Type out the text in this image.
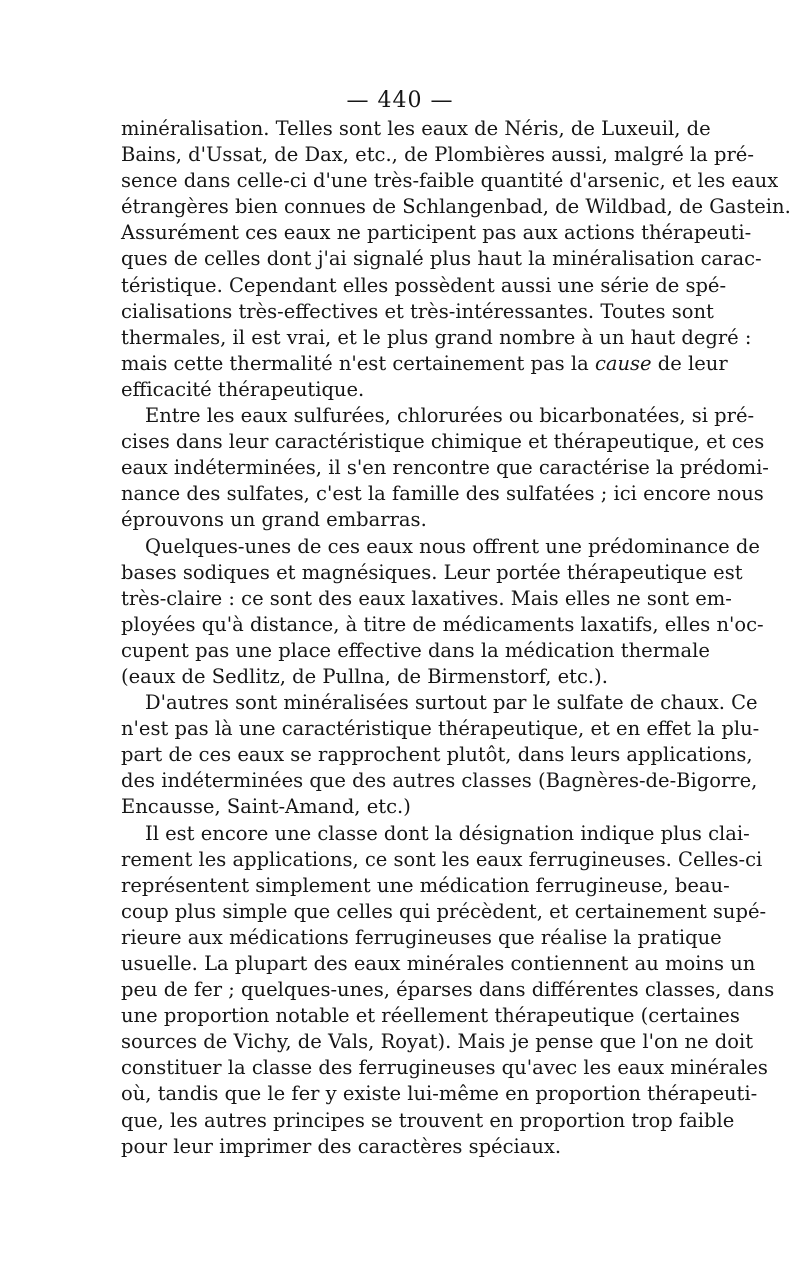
— 440 —
minéralisation. Telles sont les eaux de Néris, de Luxeuil, de
Bains, d'Ussat, de Dax, etc., de Plombières aussi, malgré la pré-
sence dans celle-ci d'une très-faible quantité d'arsenic, et les eaux
étrangères bien connues de Schlangenbad, de Wildbad, de Gastein.
Assurément ces eaux ne participent pas aux actions thérapeuti-
ques de celles dont j'ai signalé plus haut la minéralisation carac-
téristique. Cependant elles possèdent aussi une série de spé-
cialisations très-effectives et très-intéressantes. Toutes sont
thermales, il est vrai, et le plus grand nombre à un haut degré :
mais cette thermalité n'est certainement pas la cause de leur
efficacité thérapeutique.
Entre les eaux sulfurées, chlorurées ou bicarbonatées, si pré-
cises dans leur caractéristique chimique et thérapeutique, et ces
eaux indéterminées, il s'en rencontre que caractérise la prédomi-
nance des sulfates, c'est la famille des sulfatées ; ici encore nous
éprouvons un grand embarras.
Quelques-unes de ces eaux nous offrent une prédominance de
bases sodiques et magnésiques. Leur portée thérapeutique est
très-claire : ce sont des eaux laxatives. Mais elles ne sont em-
ployées qu'à distance, à titre de médicaments laxatifs, elles n'oc-
cupent pas une place effective dans la médication thermale
(eaux de Sedlitz, de Pullna, de Birmenstorf, etc.).
D'autres sont minéralisées surtout par le sulfate de chaux. Ce
n'est pas là une caractéristique thérapeutique, et en effet la plu-
part de ces eaux se rapprochent plutôt, dans leurs applications,
des indéterminées que des autres classes (Bagnères-de-Bigorre,
Encausse, Saint-Amand, etc.)
Il est encore une classe dont la désignation indique plus clai-
rement les applications, ce sont les eaux ferrugineuses. Celles-ci
représentent simplement une médication ferrugineuse, beau-
coup plus simple que celles qui précèdent, et certainement supé-
rieure aux médications ferrugineuses que réalise la pratique
usuelle. La plupart des eaux minérales contiennent au moins un
peu de fer ; quelques-unes, éparses dans différentes classes, dans
une proportion notable et réellement thérapeutique (certaines
sources de Vichy, de Vals, Royat). Mais je pense que l'on ne doit
constituer la classe des ferrugineuses qu'avec les eaux minérales
où, tandis que le fer y existe lui-même en proportion thérapeuti-
que, les autres principes se trouvent en proportion trop faible
pour leur imprimer des caractères spéciaux.
